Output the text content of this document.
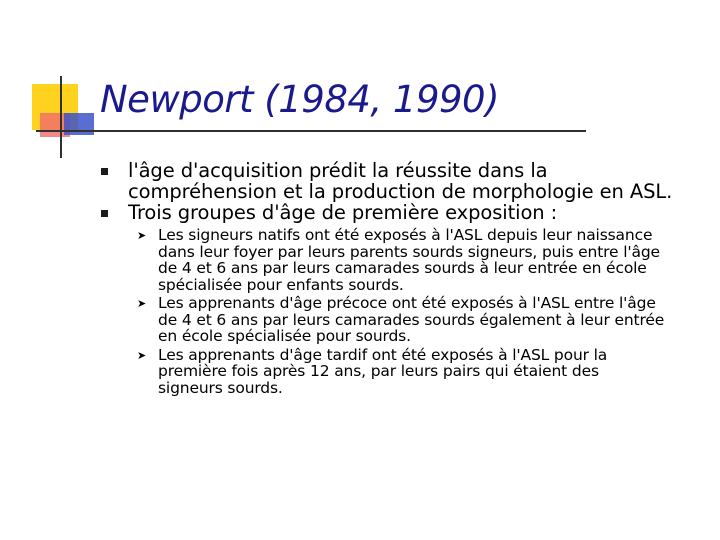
Newport (1984, 1990)
l'âge d'acquisition prédit la réussite dans la compréhension et la production de morphologie en ASL.
Trois groupes d'âge de première exposition :
➤ Les signeurs natifs ont été exposés à l'ASL depuis leur naissance dans leur foyer par leurs parents sourds signeurs, puis entre l'âge de 4 et 6 ans par leurs camarades sourds à leur entrée en école spécialisée pour enfants sourds.
➤ Les apprenants d'âge précoce ont été exposés à l'ASL entre l'âge de 4 et 6 ans par leurs camarades sourds également à leur entrée en école spécialisée pour sourds.
➤ Les apprenants d'âge tardif ont été exposés à l'ASL pour la première fois après 12 ans, par leurs pairs qui étaient des signeurs sourds.
